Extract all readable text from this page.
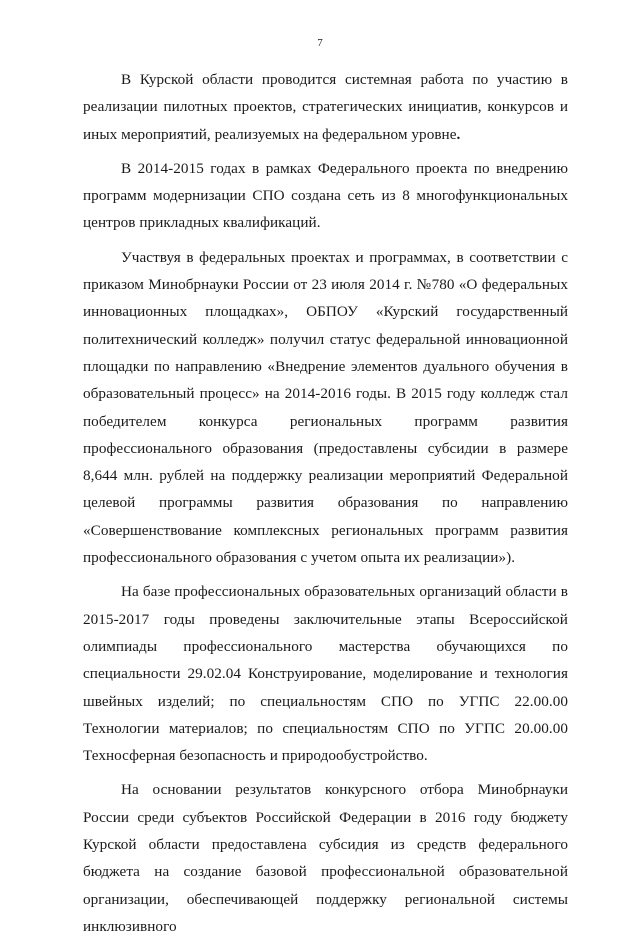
7

В Курской области проводится системная работа по участию в реализации пилотных проектов, стратегических инициатив, конкурсов и иных мероприятий, реализуемых на федеральном уровне.

В 2014-2015 годах в рамках Федерального проекта по внедрению программ модернизации СПО создана сеть из 8 многофункциональных центров прикладных квалификаций.

Участвуя в федеральных проектах и программах, в соответствии с приказом Минобрнауки России от 23 июля 2014 г. №780 «О федеральных инновационных площадках», ОБПОУ «Курский государственный политехнический колледж» получил статус федеральной инновационной площадки по направлению «Внедрение элементов дуального обучения в образовательный процесс» на 2014-2016 годы. В 2015 году колледж стал победителем конкурса региональных программ развития профессионального образования (предоставлены субсидии в размере 8,644 млн. рублей на поддержку реализации мероприятий Федеральной целевой программы развития образования по направлению «Совершенствование комплексных региональных программ развития профессионального образования с учетом опыта их реализации»).

На базе профессиональных образовательных организаций области в 2015-2017 годы проведены заключительные этапы Всероссийской олимпиады профессионального мастерства обучающихся по специальности 29.02.04 Конструирование, моделирование и технология швейных изделий; по специальностям СПО по УГПС 22.00.00 Технологии материалов; по специальностям СПО по УГПС 20.00.00 Техносферная безопасность и природообустройство.

На основании результатов конкурсного отбора Минобрнауки России среди субъектов Российской Федерации в 2016 году бюджету Курской области предоставлена субсидия из средств федерального бюджета на создание базовой профессиональной образовательной организации, обеспечивающей поддержку региональной системы инклюзивного
